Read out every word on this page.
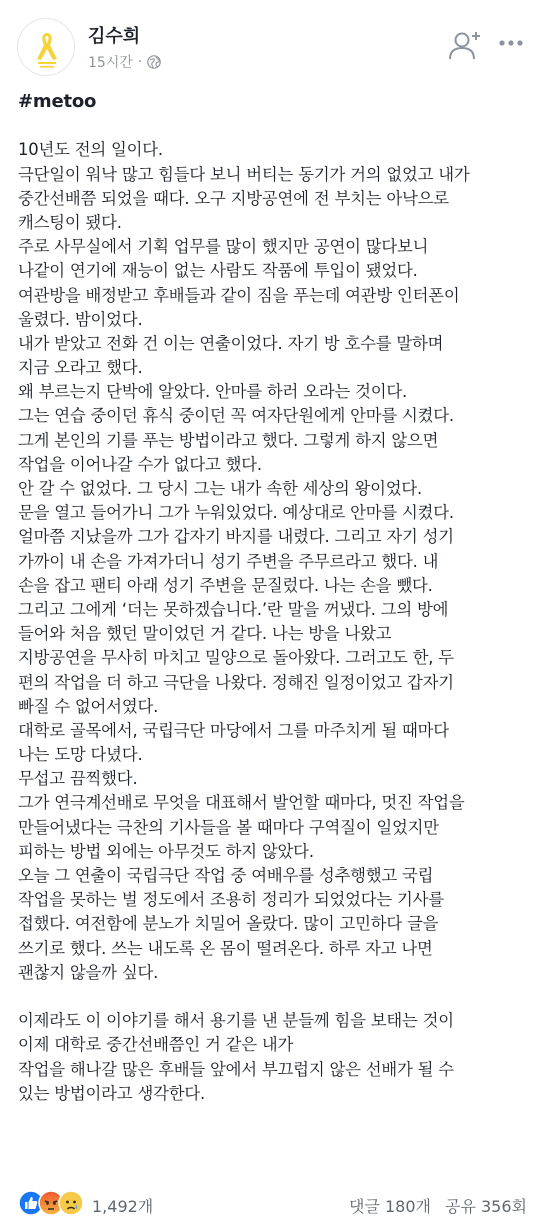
김수희
15시간 ·
#metoo
10년도 전의 일이다.
극단일이 워낙 많고 힘들다 보니 버티는 동기가 거의 없었고 내가
중간선배쯤 되었을 때다. 오구 지방공연에 전 부치는 아낙으로
캐스팅이 됐다.
주로 사무실에서 기획 업무를 많이 했지만 공연이 많다보니
나같이 연기에 재능이 없는 사람도 작품에 투입이 됐었다.
여관방을 배정받고 후배들과 같이 짐을 푸는데 여관방 인터폰이
울렸다. 밤이었다.
내가 받았고 전화 건 이는 연출이었다. 자기 방 호수를 말하며
지금 오라고 했다.
왜 부르는지 단박에 알았다. 안마를 하러 오라는 것이다.
그는 연습 중이던 휴식 중이던 꼭 여자단원에게 안마를 시켰다.
그게 본인의 기를 푸는 방법이라고 했다. 그렇게 하지 않으면
작업을 이어나갈 수가 없다고 했다.
안 갈 수 없었다. 그 당시 그는 내가 속한 세상의 왕이었다.
문을 열고 들어가니 그가 누워있었다. 예상대로 안마를 시켰다.
얼마쯤 지났을까 그가 갑자기 바지를 내렸다. 그리고 자기 성기
가까이 내 손을 가져가더니 성기 주변을 주무르라고 했다. 내
손을 잡고 팬티 아래 성기 주변을 문질렀다. 나는 손을 뺐다.
그리고 그에게 ‘더는 못하겠습니다.’란 말을 꺼냈다. 그의 방에
들어와 처음 했던 말이었던 거 같다. 나는 방을 나왔고
지방공연을 무사히 마치고 밀양으로 돌아왔다. 그러고도 한, 두
편의 작업을 더 하고 극단을 나왔다. 정해진 일정이었고 갑자기
빠질 수 없어서였다.
대학로 골목에서, 국립극단 마당에서 그를 마주치게 될 때마다
나는 도망 다녔다.
무섭고 끔찍했다.
그가 연극계선배로 무엇을 대표해서 발언할 때마다, 멋진 작업을
만들어냈다는 극찬의 기사들을 볼 때마다 구역질이 일었지만
피하는 방법 외에는 아무것도 하지 않았다.
오늘 그 연출이 국립극단 작업 중 여배우를 성추행했고 국립
작업을 못하는 벌 정도에서 조용히 정리가 되었었다는 기사를
접했다. 여전함에 분노가 치밀어 올랐다. 많이 고민하다 글을
쓰기로 했다. 쓰는 내도록 온 몸이 떨려온다. 하루 자고 나면
괜찮지 않을까 싶다.
이제라도 이 이야기를 해서 용기를 낸 분들께 힘을 보태는 것이
이제 대학로 중간선배쯤인 거 같은 내가
작업을 해나갈 많은 후배들 앞에서 부끄럽지 않은 선배가 될 수
있는 방법이라고 생각한다.
1,492개	댓글 180개 공유 356회
